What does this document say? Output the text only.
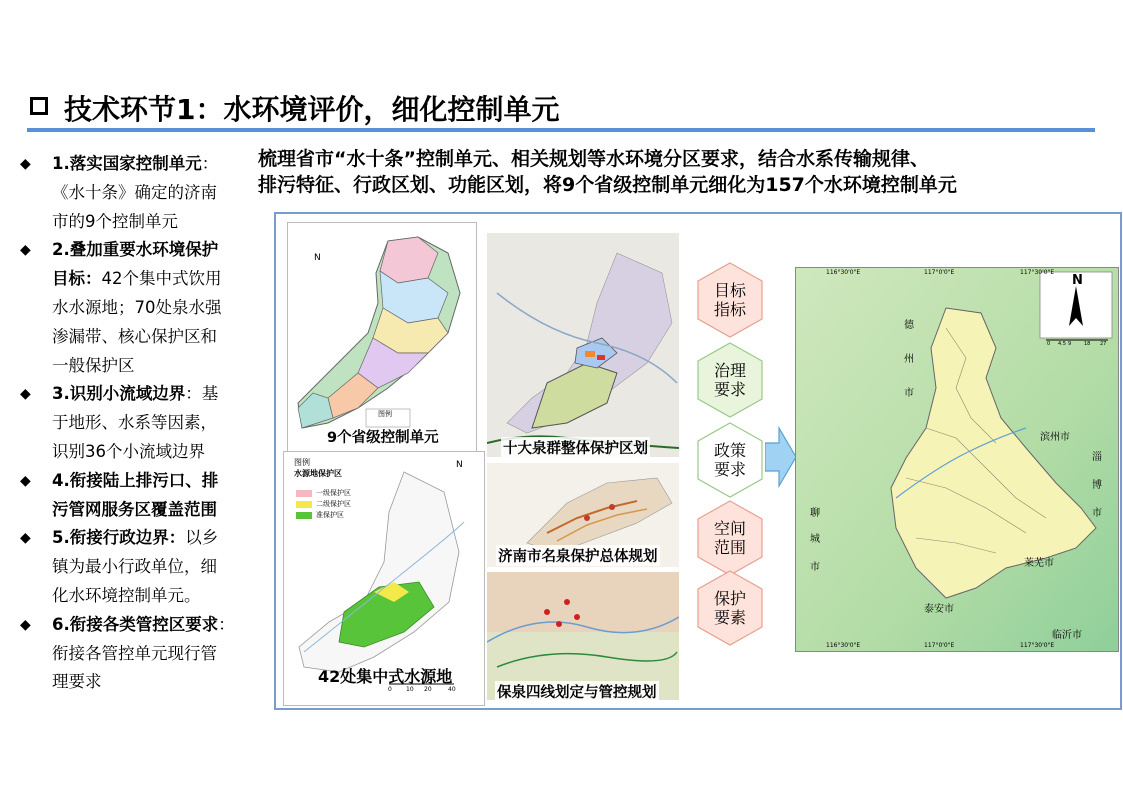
技术环节1：水环境评价，细化控制单元
梳理省市“水十条”控制单元、相关规划等水环境分区要求，结合水系传输规律、
排污特征、行政区划、功能区划，将9个省级控制单元细化为157个水环境控制单元
◆ 1.落实国家控制单元：
《水十条》确定的济南
市的9个控制单元
◆ 2.叠加重要水环境保护
目标：42个集中式饮用
水水源地；70处泉水强
渗漏带、核心保护区和
一般保护区
◆ 3.识别小流域边界：基
于地形、水系等因素，
识别36个小流域边界
◆ 4.衔接陆上排污口、排
污管网服务区覆盖范围
◆ 5.衔接行政边界：以乡
镇为最小行政单位，细
化水环境控制单元。
◆ 6.衔接各类管控区要求：
衔接各管控单元现行管
理要求
N
图例
9个省级控制单元
十大泉群整体保护区划
济南市名泉保护总体规划
保泉四线划定与管控规划
图例
水源地保护区
一级保护区
二级保护区
准保护区
N
0 10 20	40
42处集中式水源地
目标
指标
治理
要求
政策
要求
空间
范围
保护
要素
N
116°30'0"E	117°0'0"E	117°30'0"E
116°30'0"E	117°0'0"E	117°30'0"E
0 4.5 9	18 27
德
州
市
滨州市
淄
博
市
聊
城
市	莱芜市
泰安市
临沂市
